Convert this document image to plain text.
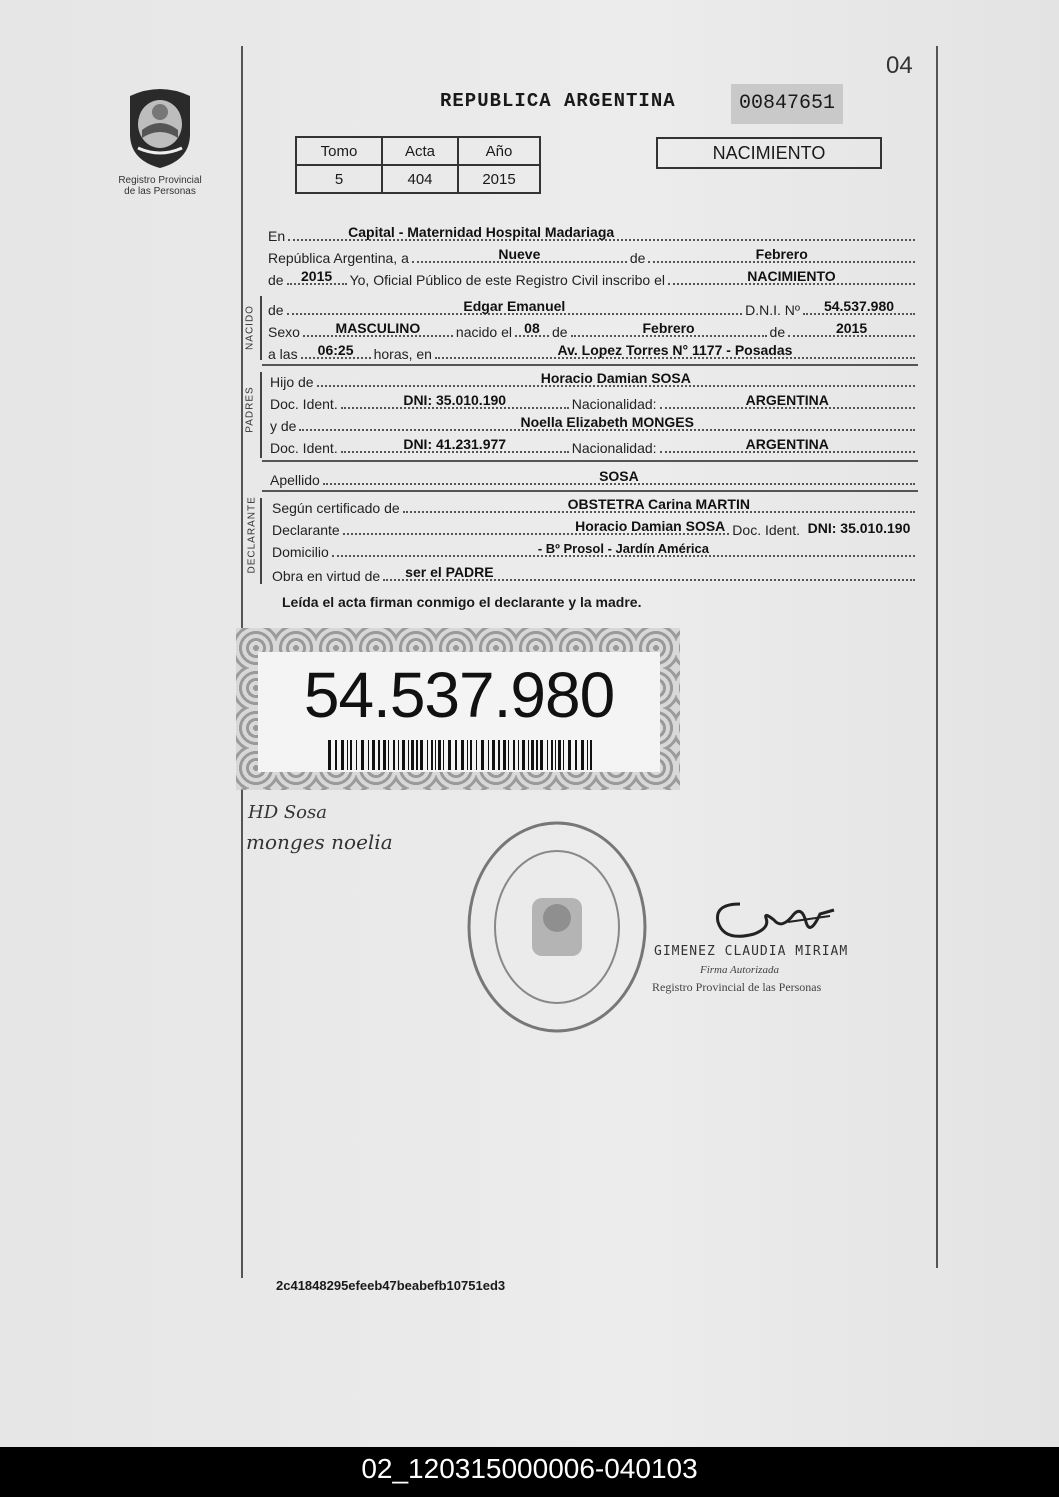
04
Registro Provincial
de las Personas
REPUBLICA ARGENTINA	00847651
Tomo	Acta	Año
5	404	2015
NACIMIENTO
En	Capital - Maternidad Hospital Madariaga
República Argentina, a	Nueve	de	Febrero
de	2015	Yo, Oficial Público de este Registro Civil inscribo el	NACIMIENTO
NACIDO de	Edgar Emanuel	D.N.I. Nº	54.537.980
Sexo	MASCULINO	nacido el 08 de	Febrero	de	2015
a las	06:25	horas, en	Av. Lopez Torres N° 1177 - Posadas
PADRES
Hijo de	Horacio Damian SOSA
Doc. Ident.	DNI: 35.010.190	Nacionalidad:	ARGENTINA
y de	Noella Elizabeth MONGES
Doc. Ident.	DNI: 41.231.977	Nacionalidad:	ARGENTINA
Apellido	SOSA
DECLARANTE Según certificado de	OBSTETRA Carina MARTIN
Declarante	Horacio Damian SOSA Doc. Ident. DNI: 35.010.190
Domicilio	- Bº Prosol - Jardín América
Obra en virtud de ser el PADRE
Leída el acta firman conmigo el declarante y la madre.
54.537.980
HD Sosa
monges noelia
GIMENEZ CLAUDIA MIRIAM
Firma Autorizada
Registro Provincial de las Personas
2c41848295efeeb47beabefb10751ed3
02_120315000006-040103
